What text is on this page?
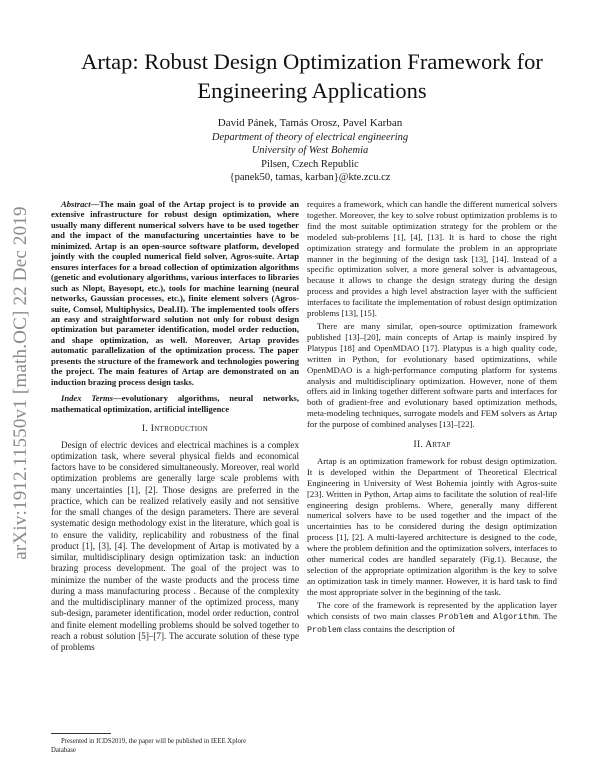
arXiv:1912.11550v1 [math.OC] 22 Dec 2019
Artap: Robust Design Optimization Framework for Engineering Applications
David Pánek, Tamás Orosz, Pavel Karban
Department of theory of electrical engineering
University of West Bohemia
Pilsen, Czech Republic
{panek50, tamas, karban}@kte.zcu.cz

Abstract—The main goal of the Artap project is to provide an extensive infrastructure for robust design optimization, where usually many different numerical solvers have to be used together and the impact of the manufacturing uncertainties have to be minimized. Artap is an open-source software platform, developed jointly with the coupled numerical field solver, Agros-suite. Artap ensures interfaces for a broad collection of optimization algorithms (genetic and evolutionary algorithms, various interfaces to libraries such as Nlopt, Bayesopt, etc.), tools for machine learning (neural networks, Gaussian processes, etc.), finite element solvers (Agros-suite, Comsol, Multiphysics, Deal.II). The implemented tools offers an easy and straightforward solution not only for robust design optimization but parameter identification, model order reduction, and shape optimization, as well. Moreover, Artap provides automatic parallelization of the optimization process. The paper presents the structure of the framework and technologies powering the project. The main features of Artap are demonstrated on an induction brazing process design tasks.

Index Terms—evolutionary algorithms, neural networks, mathematical optimization, artificial intelligence

I. Introduction

Design of electric devices and electrical machines is a complex optimization task, where several physical fields and economical factors have to be considered simultaneously. Moreover, real world optimization problems are generally large scale problems with many uncertainties [1], [2]. Those designs are preferred in the practice, which can be realized relatively easily and not sensitive for the small changes of the design parameters. There are several systematic design methodology exist in the literature, which goal is to ensure the validity, replicability and robustness of the final product [1], [3], [4]. The development of Artap is motivated by a similar, multidisciplinary design optimization task: an induction brazing process development. The goal of the project was to minimize the number of the waste products and the process time during a mass manufacturing process . Because of the complexity and the multidisciplinary manner of the optimized process, many sub-design, parameter identification, model order reduction, control and finite element modelling problems should be solved together to reach a robust solution [5]–[7]. The accurate solution of these type of problems

requires a framework, which can handle the different numerical solvers together. Moreover, the key to solve robust optimization problems is to find the most suitable optimization strategy for the problem or the modeled sub-problems [1], [4], [13]. It is hard to chose the right optimization strategy and formulate the problem in an appropriate manner in the beginning of the design task [13], [14]. Instead of a specific optimization solver, a more general solver is advantageous, because it allows to change the design strategy during the design process and provides a high level abstraction layer with the sufficient interfaces to facilitate the implementation of robust design optimization problems [13], [15].

There are many similar, open-source optimization framework published [13]–[20], main concepts of Artap is mainly inspired by Platypus [18] and OpenMDAO [17]. Platypus is a high quality code, written in Python, for evolutionary based optimizations, while OpenMDAO is a high-performance computing platform for systems analysis and multidisciplinary optimization. However, none of them offers aid in linking together different software parts and interfaces for both of gradient-free and evolutionary based optimization methods, meta-modeling techniques, surrogate models and FEM solvers as Artap for the purpose of combined analyses [13]–[22].

II. Artap

Artap is an optimization framework for robust design optimization. It is developed within the Department of Theoretical Electrical Engineering in University of West Bohemia jointly with Agros-suite [23]. Written in Python, Artap aims to facilitate the solution of real-life engineering design problems. Where, generally many different numerical solvers have to be used together and the impact of the uncertainties has to be considered during the design optimization process [1], [2]. A multi-layered architecture is designed to the code, where the problem definition and the optimization solvers, interfaces to other numerical codes are handled separately (Fig.1). Because, the selection of the appropriate optimization algorithm is the key to solve an optimization task in timely manner. However, it is hard task to find the most appropriate solver in the beginning of the task.

The core of the framework is represented by the application layer which consists of two main classes Problem and Algorithm. The Problem class contains the description of

Presented in ICDS2019, the paper will be published in IEEE Xplore
Database
